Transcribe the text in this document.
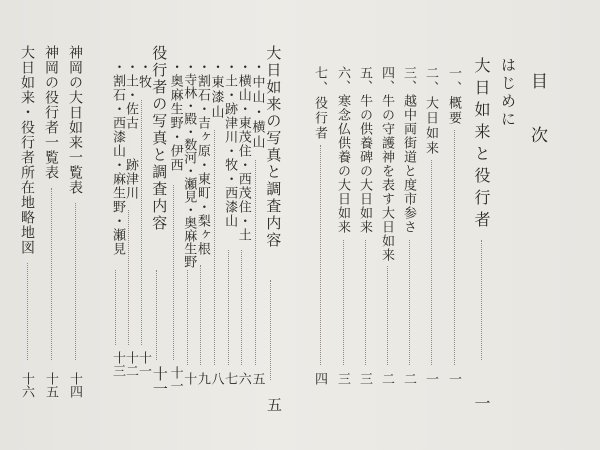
目　次
はじめに
大日如来と役行者
一
一、概要
一
二、大日如来
一
三、越中両街道と度市参さ
二
四、牛の守護神を表す大日如来
二
五、牛の供養碑の大日如来
三
六、寒念仏供養の大日如来
三
七、役行者
四
大日如来の写真と調査内容
五
・中山・横山
五
・横山・東茂住・西茂住・土
六
・土・跡津川・牧・西漆山
七
・東漆山
八
・割石・吉ヶ原・東町・梨ヶ根
九
・寺林・殿・数河・瀬見・奥麻生野
十
・奥麻生野・伊西
十一
役行者の写真と調査内容
十一
・牧
十一
・土・佐古　　跡津川
十二
・割石・西漆山・麻生野・瀬見
十三
神岡の大日如来一覧表
十四
神岡の役行者一覧表
十五
大日如来・役行者所在地略地図
十六
